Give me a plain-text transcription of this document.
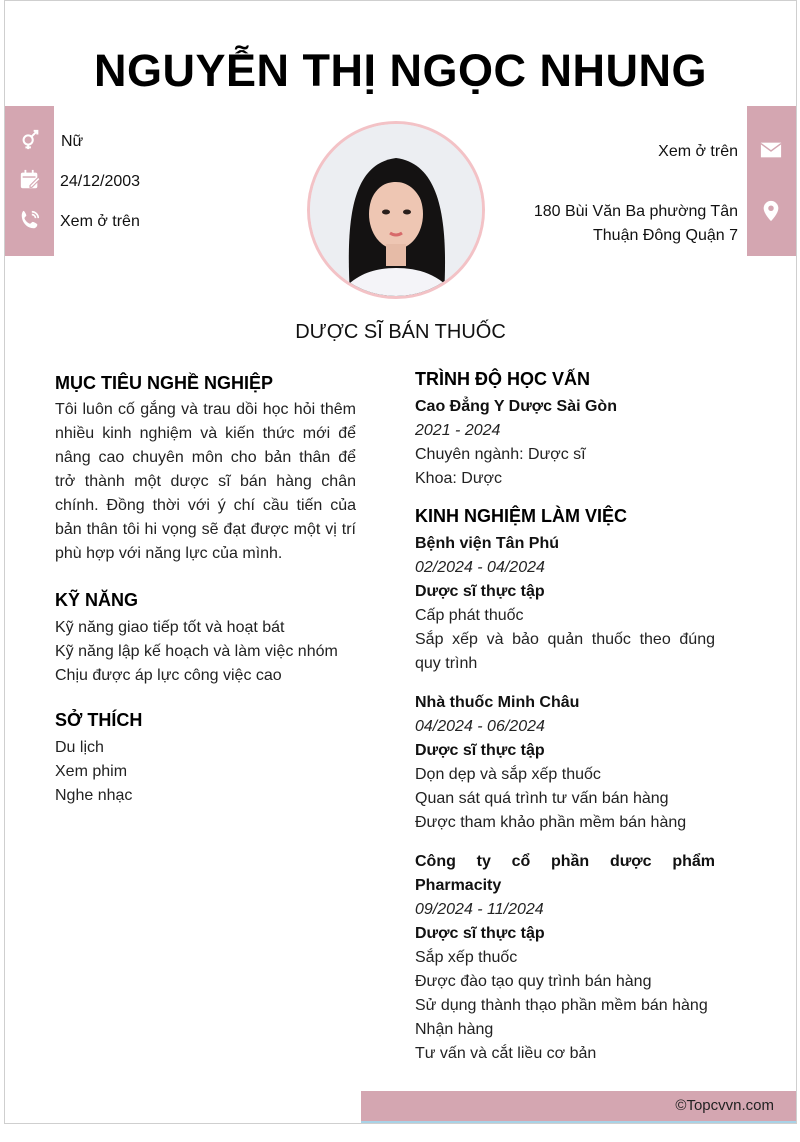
NGUYỄN THỊ NGỌC NHUNG
Nữ
24/12/2003
Xem ở trên
Xem ở trên
180 Bùi Văn Ba phường Tân
Thuận Đông Quận 7
DƯỢC SĨ BÁN THUỐC
MỤC TIÊU NGHỀ NGHIỆP
Tôi luôn cố gắng và trau dồi học hỏi thêm nhiều kinh nghiệm và kiến thức mới để nâng cao chuyên môn cho bản thân để trở thành một dược sĩ bán hàng chân chính. Đồng thời với ý chí cầu tiến của bản thân tôi hi vọng sẽ đạt được một vị trí phù hợp với năng lực của mình.
KỸ NĂNG
Kỹ năng giao tiếp tốt và hoạt bát
Kỹ năng lập kế hoạch và làm việc nhóm
Chịu được áp lực công việc cao
SỞ THÍCH
Du lịch
Xem phim
Nghe nhạc
TRÌNH ĐỘ HỌC VẤN
Cao Đẳng Y Dược Sài Gòn
2021 - 2024
Chuyên ngành: Dược sĩ
Khoa: Dược
KINH NGHIỆM LÀM VIỆC
Bệnh viện Tân Phú
02/2024 - 04/2024
Dược sĩ thực tập
Cấp phát thuốc
Sắp xếp và bảo quản thuốc theo đúng quy trình
Nhà thuốc Minh Châu
04/2024 - 06/2024
Dược sĩ thực tập
Dọn dẹp và sắp xếp thuốc
Quan sát quá trình tư vấn bán hàng
Được tham khảo phần mềm bán hàng
Công ty cổ phần dược phẩm Pharmacity
09/2024 - 11/2024
Dược sĩ thực tập
Sắp xếp thuốc
Được đào tạo quy trình bán hàng
Sử dụng thành thạo phần mềm bán hàng
Nhận hàng
Tư vấn và cắt liều cơ bản
©Topcvvn.com
